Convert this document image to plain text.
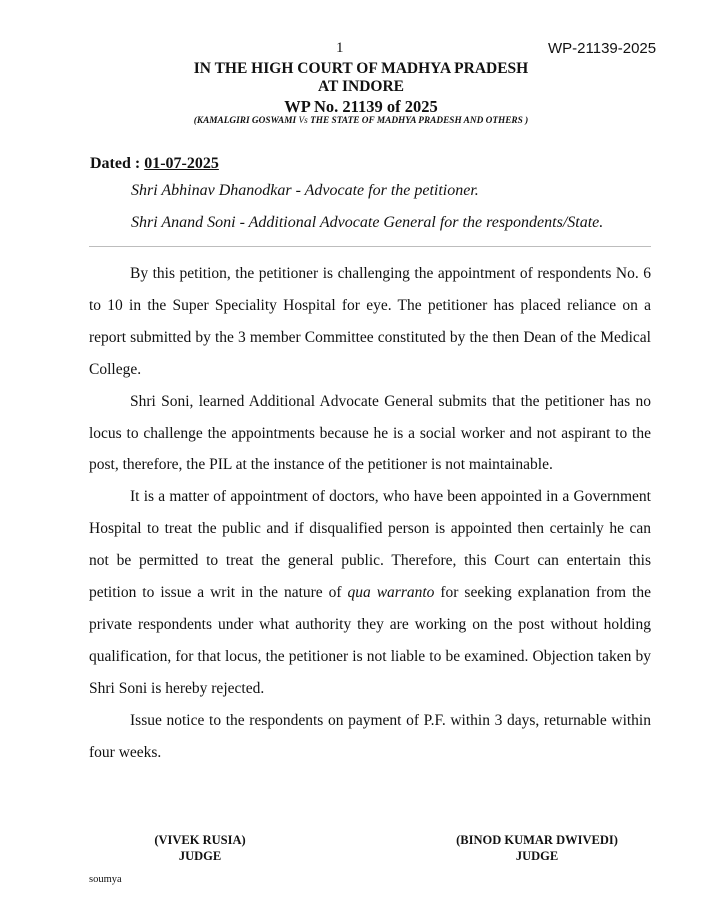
1	WP-21139-2025
IN THE HIGH COURT OF MADHYA PRADESH
AT INDORE
WP No. 21139 of 2025
(KAMALGIRI GOSWAMI Vs THE STATE OF MADHYA PRADESH AND OTHERS )
Dated : 01-07-2025
Shri Abhinav Dhanodkar - Advocate for the petitioner.
Shri Anand Soni - Additional Advocate General for the respondents/State.

By this petition, the petitioner is challenging the appointment of respondents No. 6 to 10 in the Super Speciality Hospital for eye. The petitioner has placed reliance on a report submitted by the 3 member Committee constituted by the then Dean of the Medical College.

Shri Soni, learned Additional Advocate General submits that the petitioner has no locus to challenge the appointments because he is a social worker and not aspirant to the post, therefore, the PIL at the instance of the petitioner is not maintainable.

It is a matter of appointment of doctors, who have been appointed in a Government Hospital to treat the public and if disqualified person is appointed then certainly he can not be permitted to treat the general public. Therefore, this Court can entertain this petition to issue a writ in the nature of qua warranto for seeking explanation from the private respondents under what authority they are working on the post without holding qualification, for that locus, the petitioner is not liable to be examined. Objection taken by Shri Soni is hereby rejected.

Issue notice to the respondents on payment of P.F. within 3 days, returnable within four weeks.

(VIVEK RUSIA)
JUDGE
(BINOD KUMAR DWIVEDI)
JUDGE
soumya
